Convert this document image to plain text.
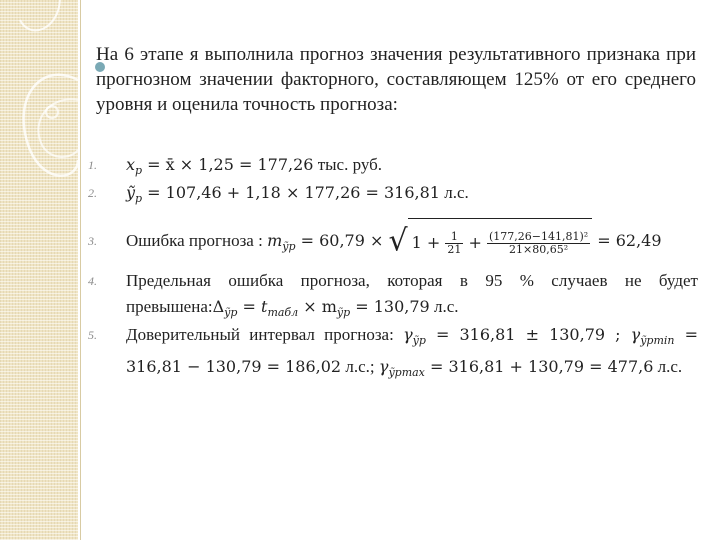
На 6 этапе я выполнила прогноз значения результативного признака при прогнозном значении факторного, составляющем 125% от его среднего уровня и оценила точность прогноза:

1.	$x_p$ = x̄ × 1,25 = 177,26 тыс. руб.
2.	ỹ$_p$ = 107,46 + 1,18 × 177,26 = 316,81 л.с.
3.	Ошибка прогноза : $m_{ỹp} = 60,79$ × √ $1 + \frac{1}{21} + \frac{\text{(177,26−141,81)²}}{\text{21×80,65²}} = 62,49$
4.	Предельная ошибка прогноза, которая в 95 % случаев не будет
$превышена:\Delta_{ỹp} = t_{табл} \times m_{ỹp} = 130,79$ л.с.
5.	Доверительный интервал прогноза: $\gamma_{ỹp} = 316,81 \pm 130,79$ ; $\gamma_{ỹpmin}$ =
316,81 − 130,79 = 186,02 л.с.; $\gamma_{ỹpmax} = 316,81 + 130,79 = 477,6$ л.с.
